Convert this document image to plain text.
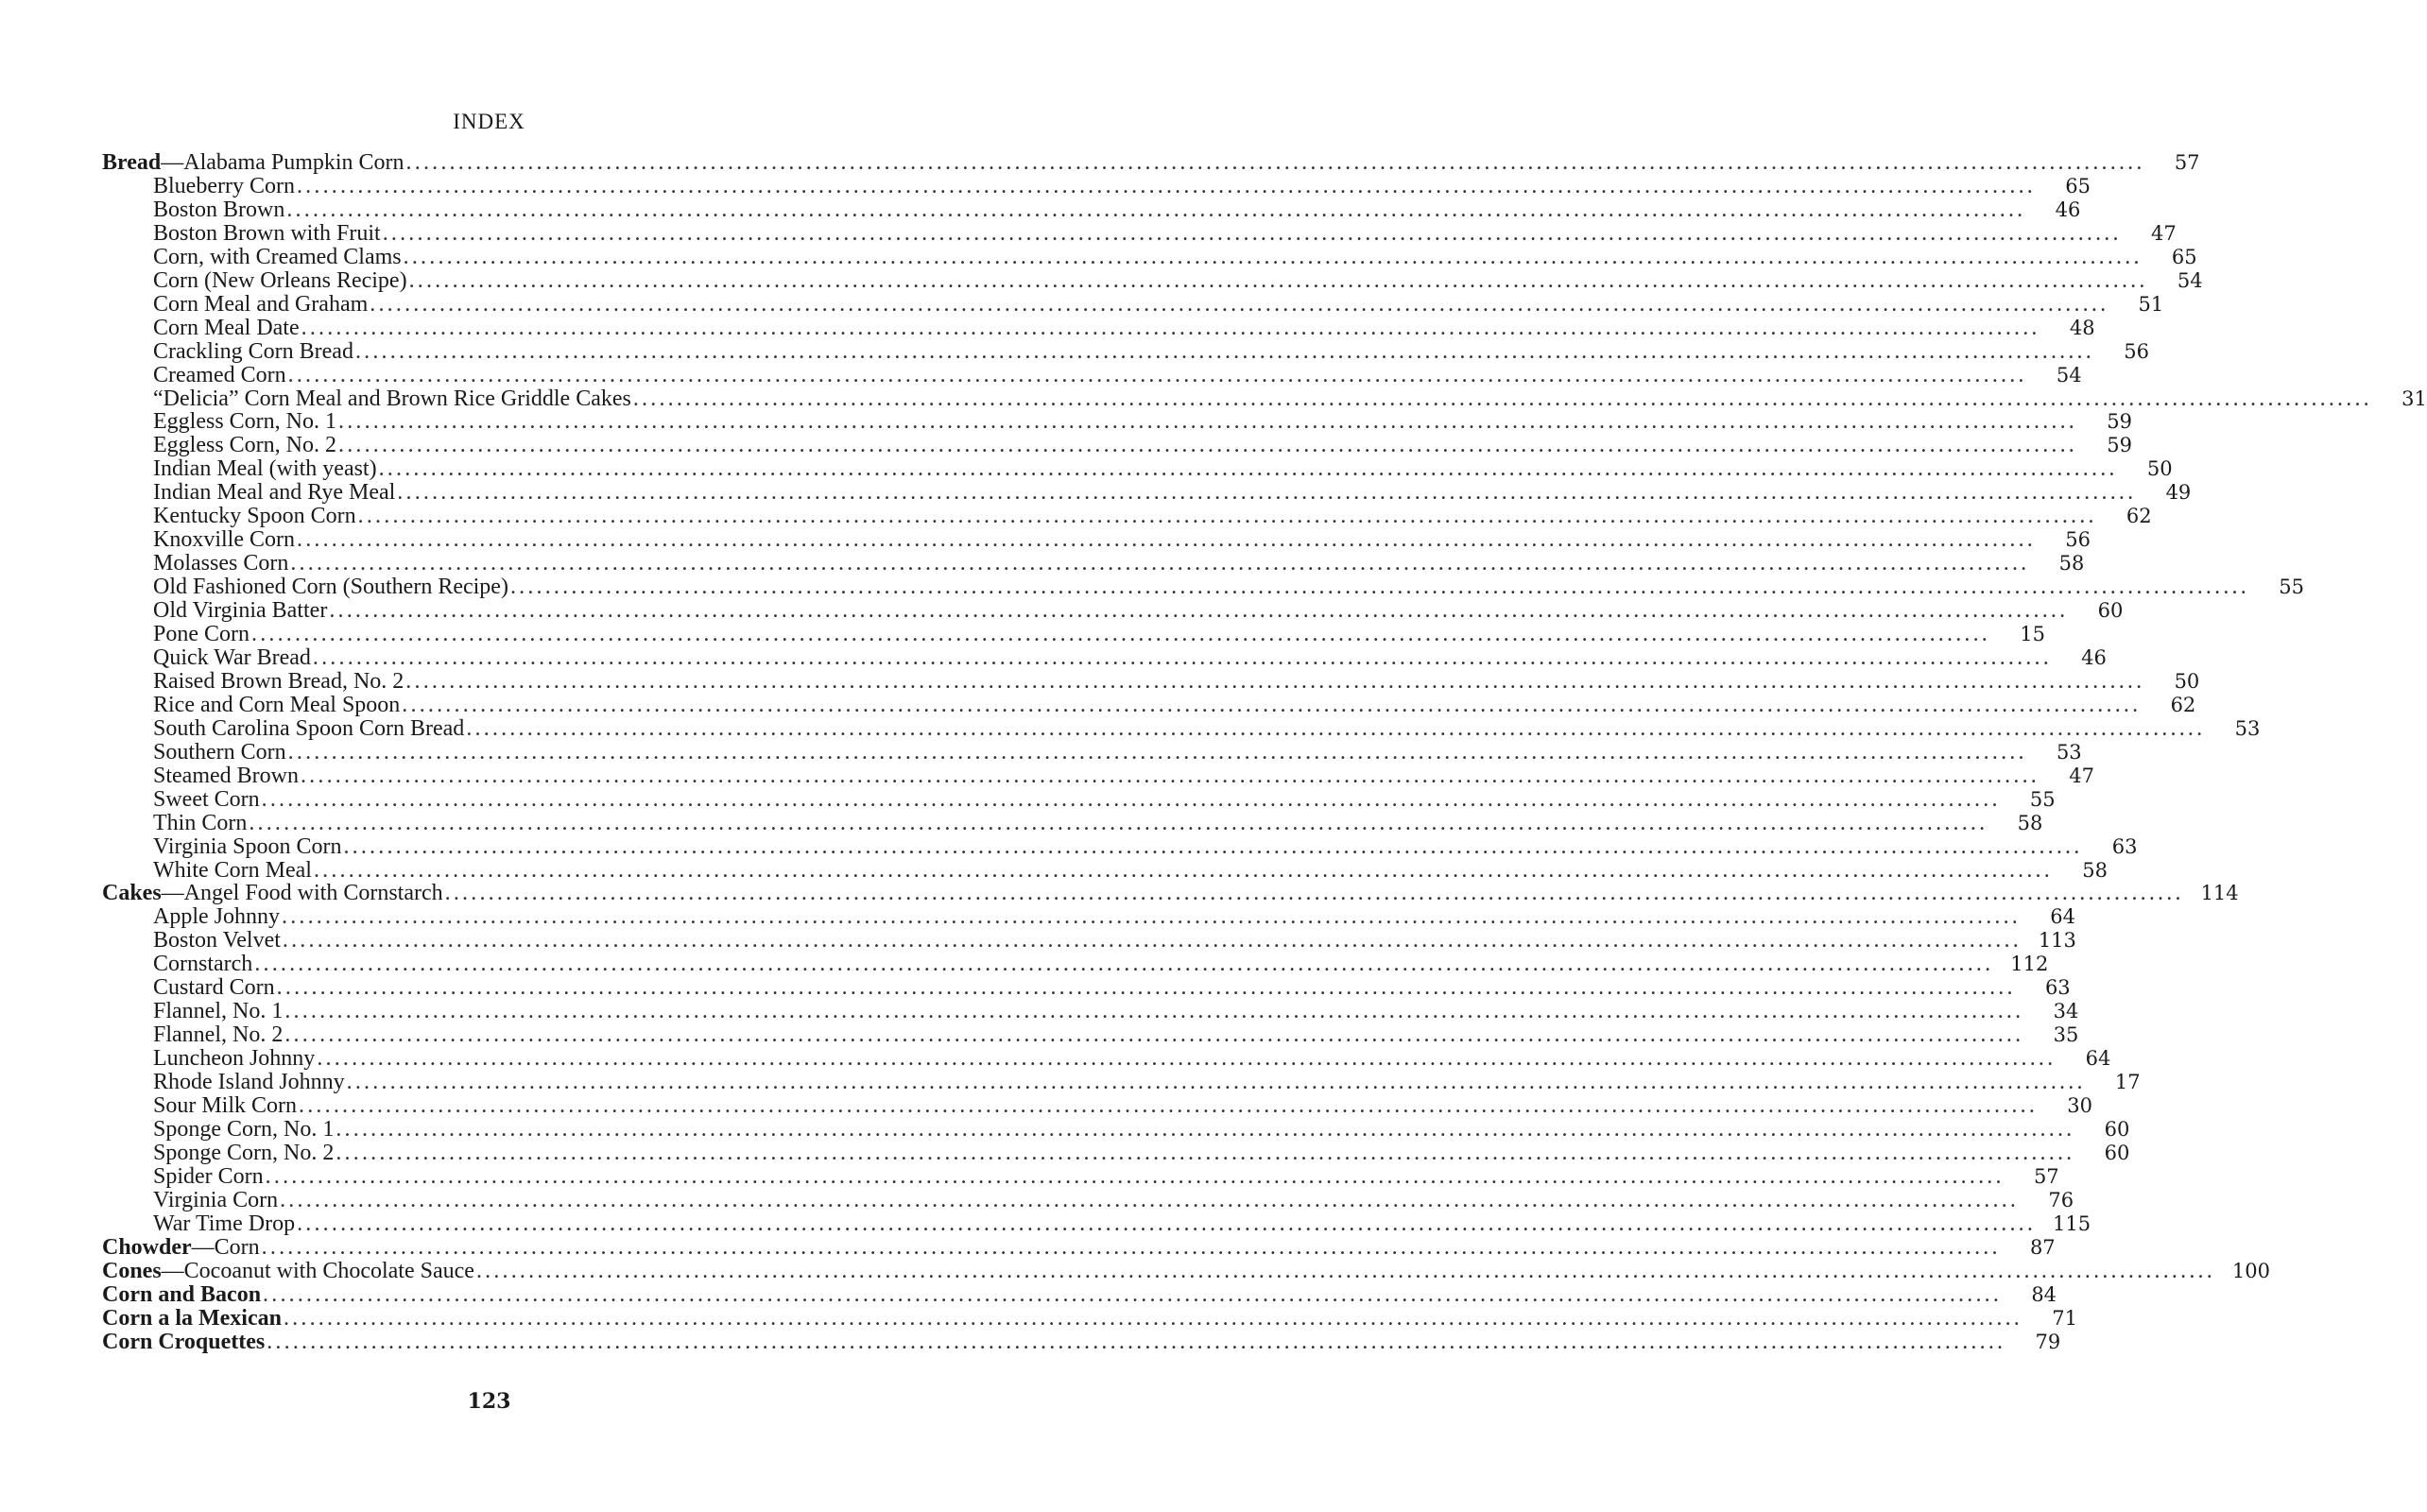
INDEX
Bread — Alabama Pumpkin Corn ........................................................................................................................................................................................................	57
Blueberry Corn ........................................................................................................................................................................................................	65
Boston Brown ........................................................................................................................................................................................................	46
Boston Brown with Fruit ........................................................................................................................................................................................................	47
Corn, with Creamed Clams ........................................................................................................................................................................................................	65
Corn (New Orleans Recipe) ........................................................................................................................................................................................................	54
Corn Meal and Graham ........................................................................................................................................................................................................	51
Corn Meal Date ........................................................................................................................................................................................................	48
Crackling Corn Bread ........................................................................................................................................................................................................	56
Creamed Corn ........................................................................................................................................................................................................	54
“Delicia” Corn Meal and Brown Rice Griddle Cakes ........................................................................................................................................................................................................	31
Eggless Corn, No. 1 ........................................................................................................................................................................................................	59
Eggless Corn, No. 2 ........................................................................................................................................................................................................	59
Indian Meal (with yeast) ........................................................................................................................................................................................................	50
Indian Meal and Rye Meal ........................................................................................................................................................................................................	49
Kentucky Spoon Corn ........................................................................................................................................................................................................	62
Knoxville Corn ........................................................................................................................................................................................................	56
Molasses Corn ........................................................................................................................................................................................................	58
Old Fashioned Corn (Southern Recipe) ........................................................................................................................................................................................................	55
Old Virginia Batter ........................................................................................................................................................................................................	60
Pone Corn ........................................................................................................................................................................................................	15
Quick War Bread ........................................................................................................................................................................................................	46
Raised Brown Bread, No. 2 ........................................................................................................................................................................................................	50
Rice and Corn Meal Spoon ........................................................................................................................................................................................................	62
South Carolina Spoon Corn Bread ........................................................................................................................................................................................................	53
Southern Corn ........................................................................................................................................................................................................	53
Steamed Brown ........................................................................................................................................................................................................	47
Sweet Corn ........................................................................................................................................................................................................	55
Thin Corn ........................................................................................................................................................................................................	58
Virginia Spoon Corn ........................................................................................................................................................................................................	63
White Corn Meal ........................................................................................................................................................................................................	58
Cakes — Angel Food with Cornstarch ........................................................................................................................................................................................................ 114
Apple Johnny ........................................................................................................................................................................................................	64
Boston Velvet ........................................................................................................................................................................................................ 113
Cornstarch ........................................................................................................................................................................................................ 112
Custard Corn ........................................................................................................................................................................................................	63
Flannel, No. 1 ........................................................................................................................................................................................................	34
Flannel, No. 2 ........................................................................................................................................................................................................	35
Luncheon Johnny ........................................................................................................................................................................................................	64
Rhode Island Johnny ........................................................................................................................................................................................................	17
Sour Milk Corn ........................................................................................................................................................................................................	30
Sponge Corn, No. 1 ........................................................................................................................................................................................................	60
Sponge Corn, No. 2 ........................................................................................................................................................................................................	60
Spider Corn ........................................................................................................................................................................................................	57
Virginia Corn ........................................................................................................................................................................................................	76
War Time Drop ........................................................................................................................................................................................................ 115
Chowder — Corn ........................................................................................................................................................................................................	87
Cones — Cocoanut with Chocolate Sauce ........................................................................................................................................................................................................ 100
Corn and Bacon ........................................................................................................................................................................................................	84
Corn a la Mexican ........................................................................................................................................................................................................	71
Corn Croquettes ........................................................................................................................................................................................................	79
123
